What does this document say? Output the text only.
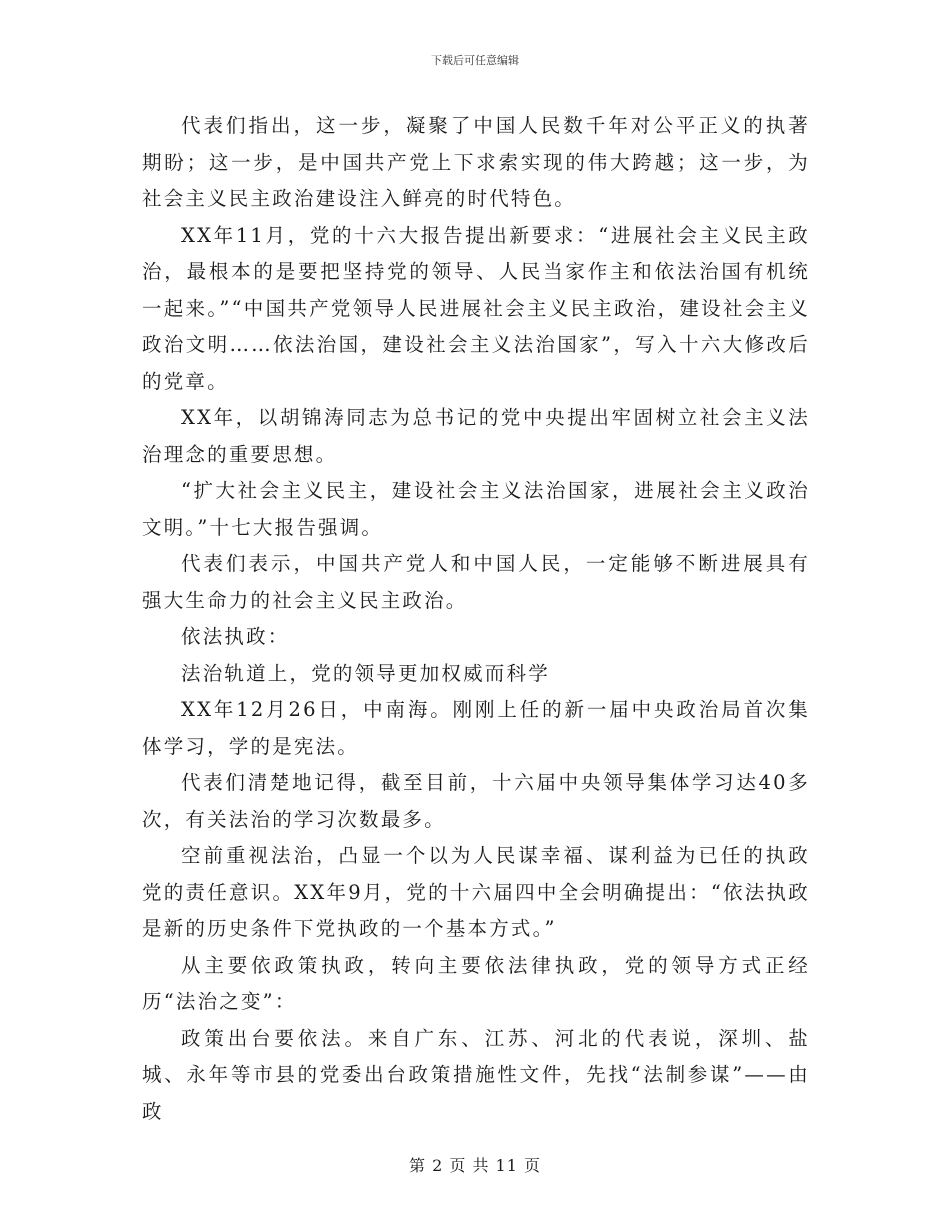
下载后可任意编辑

代表们指出，这一步，凝聚了中国人民数千年对公平正义的执著期盼；这一步，是中国共产党上下求索实现的伟大跨越；这一步，为社会主义民主政治建设注入鲜亮的时代特色。

XX年11月，党的十六大报告提出新要求：“进展社会主义民主政治，最根本的是要把坚持党的领导、人民当家作主和依法治国有机统一起来。”“中国共产党领导人民进展社会主义民主政治，建设社会主义政治文明……依法治国，建设社会主义法治国家”，写入十六大修改后的党章。

XX年，以胡锦涛同志为总书记的党中央提出牢固树立社会主义法治理念的重要思想。

“扩大社会主义民主，建设社会主义法治国家，进展社会主义政治文明。”十七大报告强调。

代表们表示，中国共产党人和中国人民，一定能够不断进展具有强大生命力的社会主义民主政治。

依法执政：

法治轨道上，党的领导更加权威而科学

XX年12月26日，中南海。刚刚上任的新一届中央政治局首次集体学习，学的是宪法。

代表们清楚地记得，截至目前，十六届中央领导集体学习达40多次，有关法治的学习次数最多。

空前重视法治，凸显一个以为人民谋幸福、谋利益为已任的执政党的责任意识。XX年9月，党的十六届四中全会明确提出：“依法执政是新的历史条件下党执政的一个基本方式。”

从主要依政策执政，转向主要依法律执政，党的领导方式正经历“法治之变”：

政策出台要依法。来自广东、江苏、河北的代表说，深圳、盐城、永年等市县的党委出台政策措施性文件，先找“法制参谋”——由政

第 2 页 共 11 页
